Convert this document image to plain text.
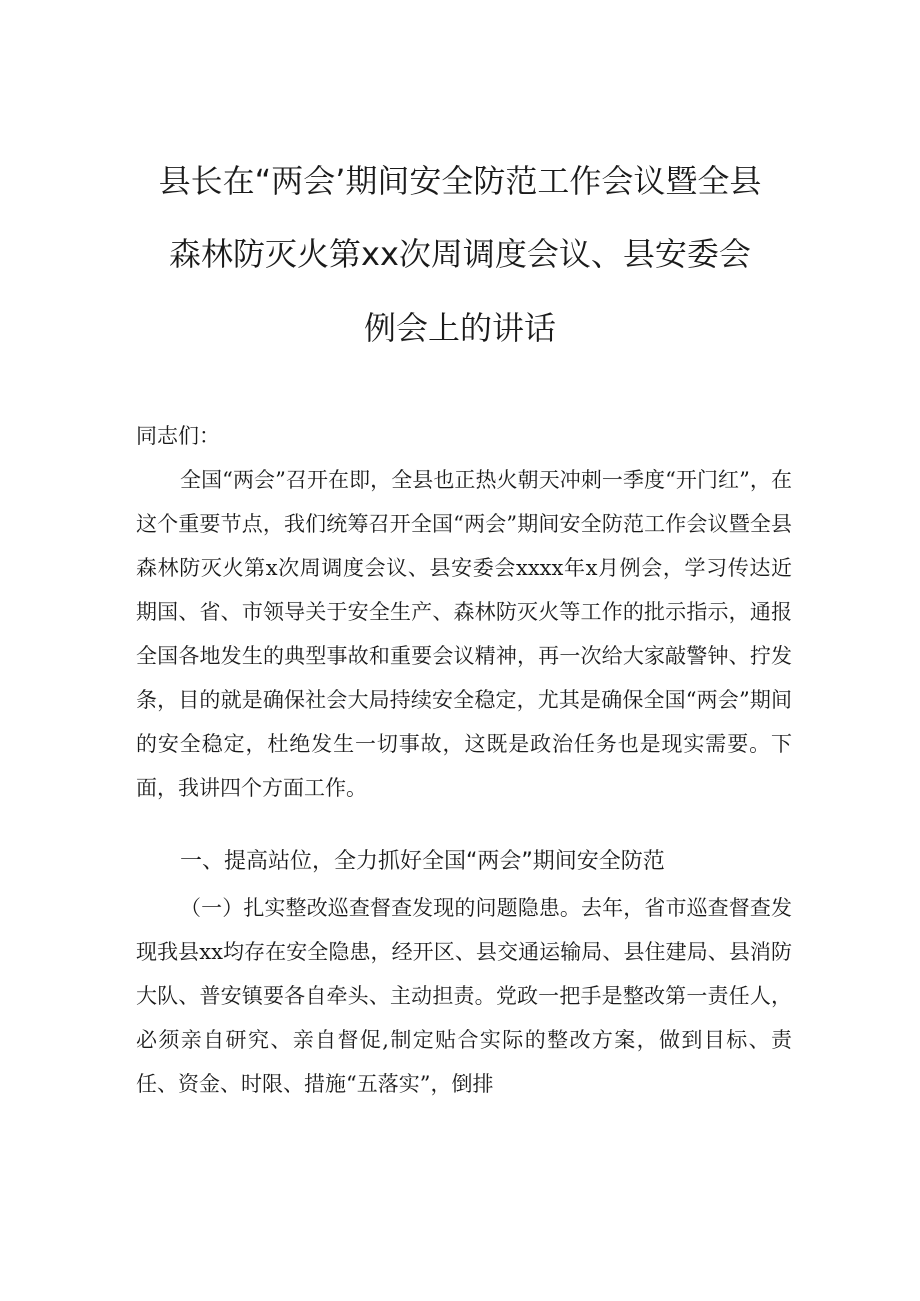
县长在“两会’期间安全防范工作会议暨全县
森林防灭火第xx次周调度会议、县安委会
例会上的讲话
同志们：
全国“两会”召开在即，全县也正热火朝天冲刺一季度“开门红”，在这个重要节点，我们统筹召开全国“两会”期间安全防范工作会议暨全县森林防灭火第x次周调度会议、县安委会xxxx年x月例会，学习传达近期国、省、市领导关于安全生产、森林防灭火等工作的批示指示，通报全国各地发生的典型事故和重要会议精神，再一次给大家敲警钟、拧发条，目的就是确保社会大局持续安全稳定，尤其是确保全国“两会”期间的安全稳定，杜绝发生一切事故，这既是政治任务也是现实需要。下面，我讲四个方面工作。
一、提高站位，全力抓好全国“两会”期间安全防范
（一）扎实整改巡查督查发现的问题隐患。去年，省市巡查督查发现我县xx均存在安全隐患，经开区、县交通运输局、县住建局、县消防大队、普安镇要各自牵头、主动担责。党政一把手是整改第一责任人，必须亲自研究、亲自督促,制定贴合实际的整改方案，做到目标、责任、资金、时限、措施“五落实”，倒排
